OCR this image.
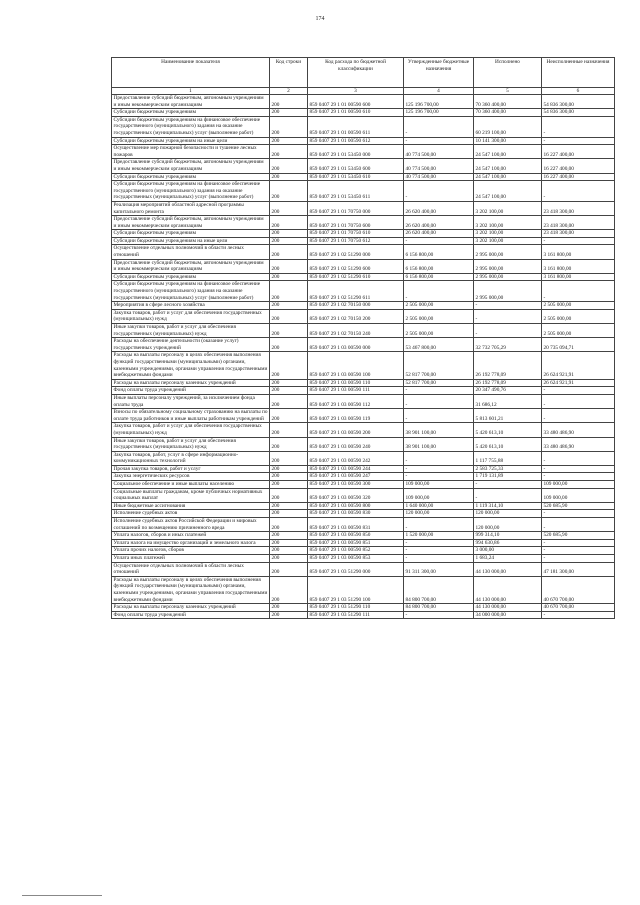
174
Наименование показателя	Код строки	Код расхода по бюджетной классификации	Утвержденные бюджетные назначения	Исполнено	Неисполненные назначения
1	2	3	4	5	6
Предоставление субсидий бюджетным, автономным учреждениям и иным некоммерческим организациям	200	859 0407 29 1 01 00590 600	125 196 700,00	70 360 400,00	54 836 300,00
Субсидии бюджетным учреждениям	200	859 0407 29 1 01 00590 610	125 196 700,00	70 360 400,00	54 836 300,00
Субсидии бюджетным учреждениям на финансовое обеспечение государственного (муниципального) задания на оказание государственных (муниципальных) услуг (выполнение работ)	200	859 0407 29 1 01 00590 611	-	60 219 100,00	-
Субсидии бюджетным учреждениям на иные цели	200	859 0407 29 1 01 00590 612	-	10 141 300,00	-
Осуществление мер пожарной безопасности и тушение лесных пожаров	200	859 0407 29 1 01 53450 000	40 774 500,00	24 547 100,00	16 227 400,00
Предоставление субсидий бюджетным, автономным учреждениям и иным некоммерческим организациям	200	859 0407 29 1 01 53450 600	40 774 500,00	24 547 100,00	16 227 400,00
Субсидии бюджетным учреждениям	200	859 0407 29 1 01 53450 610	40 774 500,00	24 547 100,00	16 227 400,00
Субсидии бюджетным учреждениям на финансовое обеспечение государственного (муниципального) задания на оказание государственных (муниципальных) услуг (выполнение работ)	200	859 0407 29 1 01 53450 611	-	24 547 100,00	-
Реализация мероприятий областной адресной программы капитального ремонта	200	859 0407 29 1 01 70750 000	26 620 400,00	3 202 100,00	23 418 300,00
Предоставление субсидий бюджетным, автономным учреждениям и иным некоммерческим организациям	200	859 0407 29 1 01 70750 600	26 620 400,00	3 202 100,00	23 418 300,00
Субсидии бюджетным учреждениям	200	859 0407 29 1 01 70750 610	26 620 400,00	3 202 100,00	23 418 300,00
Субсидии бюджетным учреждениям на иные цели	200	859 0407 29 1 01 70750 612	-	3 202 100,00	-
Осуществление отдельных полномочий в области лесных отношений	200	859 0407 29 1 02 51290 000	6 156 800,00	2 995 000,00	3 161 800,00
Предоставление субсидий бюджетным, автономным учреждениям и иным некоммерческим организациям	200	859 0407 29 1 02 51290 600	6 156 800,00	2 995 000,00	3 161 800,00
Субсидии бюджетным учреждениям	200	859 0407 29 1 02 51290 610	6 156 800,00	2 995 000,00	3 161 800,00
Субсидии бюджетным учреждениям на финансовое обеспечение государственного (муниципального) задания на оказание государственных (муниципальных) услуг (выполнение работ)	200	859 0407 29 1 02 51290 611	-	2 995 000,00	-
Мероприятия в сфере лесного хозяйства	200	859 0407 29 1 02 70150 000	2 505 000,00	-	2 505 000,00
Закупка товаров, работ и услуг для обеспечения государственных (муниципальных) нужд	200	859 0407 29 1 02 70150 200	2 505 000,00	-	2 505 000,00
Иные закупки товаров, работ и услуг для обеспечения государственных (муниципальных) нужд	200	859 0407 29 1 02 70150 240	2 505 000,00	-	2 505 000,00
Расходы на обеспечение деятельности (оказание услуг) государственных учреждений	200	859 0407 29 1 03 00590 000	53 467 800,00	32 732 705,29	20 735 094,71
Расходы на выплаты персоналу в целях обеспечения выполнения функций государственными (муниципальными) органами, казенными учреждениями, органами управления государственными внебюджетными фондами	200	859 0407 29 1 03 00590 100	52 817 700,00	26 192 778,09	26 624 921,91
Расходы на выплаты персоналу казенных учреждений	200	859 0407 29 1 03 00590 110	52 817 700,00	26 192 778,09	26 624 921,91
Фонд оплаты труда учреждений	200	859 0407 29 1 03 00590 111	-	20 347 490,76	-
Иные выплаты персоналу учреждений, за исключением фонда оплаты труда	200	859 0407 29 1 03 00590 112	-	31 686,12	-
Взносы по обязательному социальному страхованию на выплаты по оплате труда работников и иные выплаты работникам учреждений	200	859 0407 29 1 03 00590 119	-	5 813 601,21	-
Закупка товаров, работ и услуг для обеспечения государственных (муниципальных) нужд	200	859 0407 29 1 03 00590 200	38 901 100,00	5 420 613,10	33 480 486,90
Иные закупки товаров, работ и услуг для обеспечения государственных (муниципальных) нужд	200	859 0407 29 1 03 00590 240	38 901 100,00	5 420 613,10	33 480 486,90
Закупка товаров, работ, услуг в сфере информационно-коммуникационных технологий	200	859 0407 29 1 03 00590 242	-	1 117 755,88	-
Прочая закупка товаров, работ и услуг	200	859 0407 29 1 03 00590 244	-	2 583 725,33	-
Закупка энергетических ресурсов	200	859 0407 29 1 03 00590 247	-	1 719 131,89	-
Социальное обеспечение и иные выплаты населению	200	859 0407 29 1 03 00590 300	109 000,00	-	109 000,00
Социальные выплаты гражданам, кроме публичных нормативных социальных выплат	200	859 0407 29 1 03 00590 320	109 000,00	-	109 000,00
Иные бюджетные ассигнования	200	859 0407 29 1 03 00590 800	1 640 000,00	1 119 314,10	520 685,90
Исполнение судебных актов	200	859 0407 29 1 03 00590 830	120 000,00	120 000,00	-
Исполнение судебных актов Российской Федерации и мировых соглашений по возмещению причиненного вреда	200	859 0407 29 1 03 00590 831	-	120 000,00	-
Уплата налогов, сборов и иных платежей	200	859 0407 29 1 03 00590 850	1 520 000,00	999 314,10	520 685,90
Уплата налога на имущество организаций и земельного налога	200	859 0407 29 1 03 00590 851	-	994 630,86	-
Уплата прочих налогов, сборов	200	859 0407 29 1 03 00590 852	-	3 000,00	-
Уплата иных платежей	200	859 0407 29 1 03 00590 853	-	1 683,24	-
Осуществление отдельных полномочий в области лесных отношений	200	859 0407 29 1 03 51290 000	91 311 300,00	44 130 000,00	47 181 300,00
Расходы на выплаты персоналу в целях обеспечения выполнения функций государственными (муниципальными) органами, казенными учреждениями, органами управления государственными внебюджетными фондами	200	859 0407 29 1 03 51290 100	84 800 700,00	44 130 000,00	40 670 700,00
Расходы на выплаты персоналу казенных учреждений	200	859 0407 29 1 03 51290 110	84 800 700,00	44 130 000,00	40 670 700,00
Фонд оплаты труда учреждений	200	859 0407 29 1 03 51290 111	-	34 000 000,00	-
